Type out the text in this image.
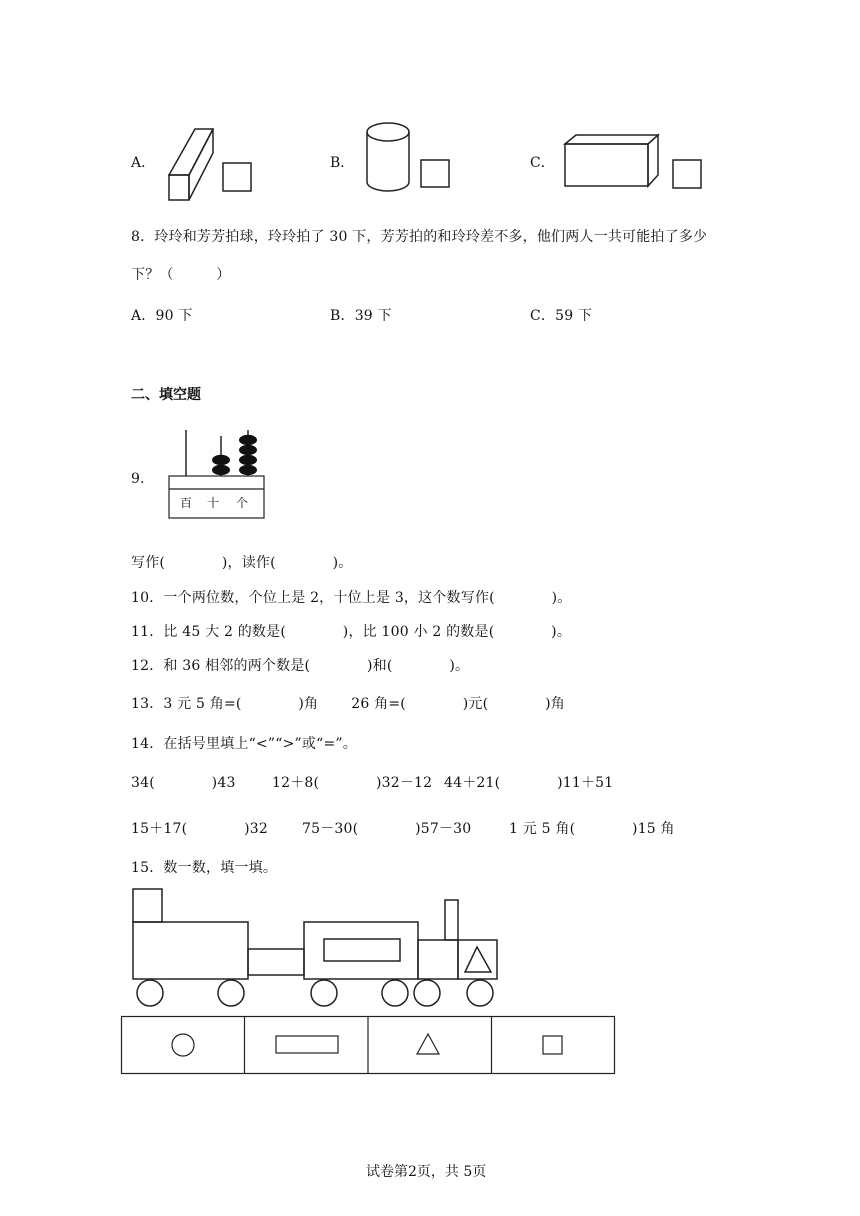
A．	B．	C．
8．玲玲和芳芳拍球，玲玲拍了 30 下，芳芳拍的和玲玲差不多，他们两人一共可能拍了多少
下？（　　　）
A．90 下	B．39 下	C．59 下
二、填空题
9．
百 十 个
写作(　　　　)，读作(　　　　)。
10．一个两位数，个位上是 2，十位上是 3，这个数写作(　　　　)。
11．比 45 大 2 的数是(　　　　)，比 100 小 2 的数是(　　　　)。
12．和 36 相邻的两个数是(　　　　)和(　　　　)。
13．3 元 5 角=(　　　　)角　　 26 角=(　　　　)元(　　　　)角
14．在括号里填上“<”“>”或“=”。
34(　　　　)43	12＋8(　　　　)32－12 44＋21(　　　　)11＋51
15＋17(　　　　)32 75－30(　　　　)57－30	1 元 5 角(　　　　)15 角
15．数一数，填一填。
试卷第2页，共 5页
